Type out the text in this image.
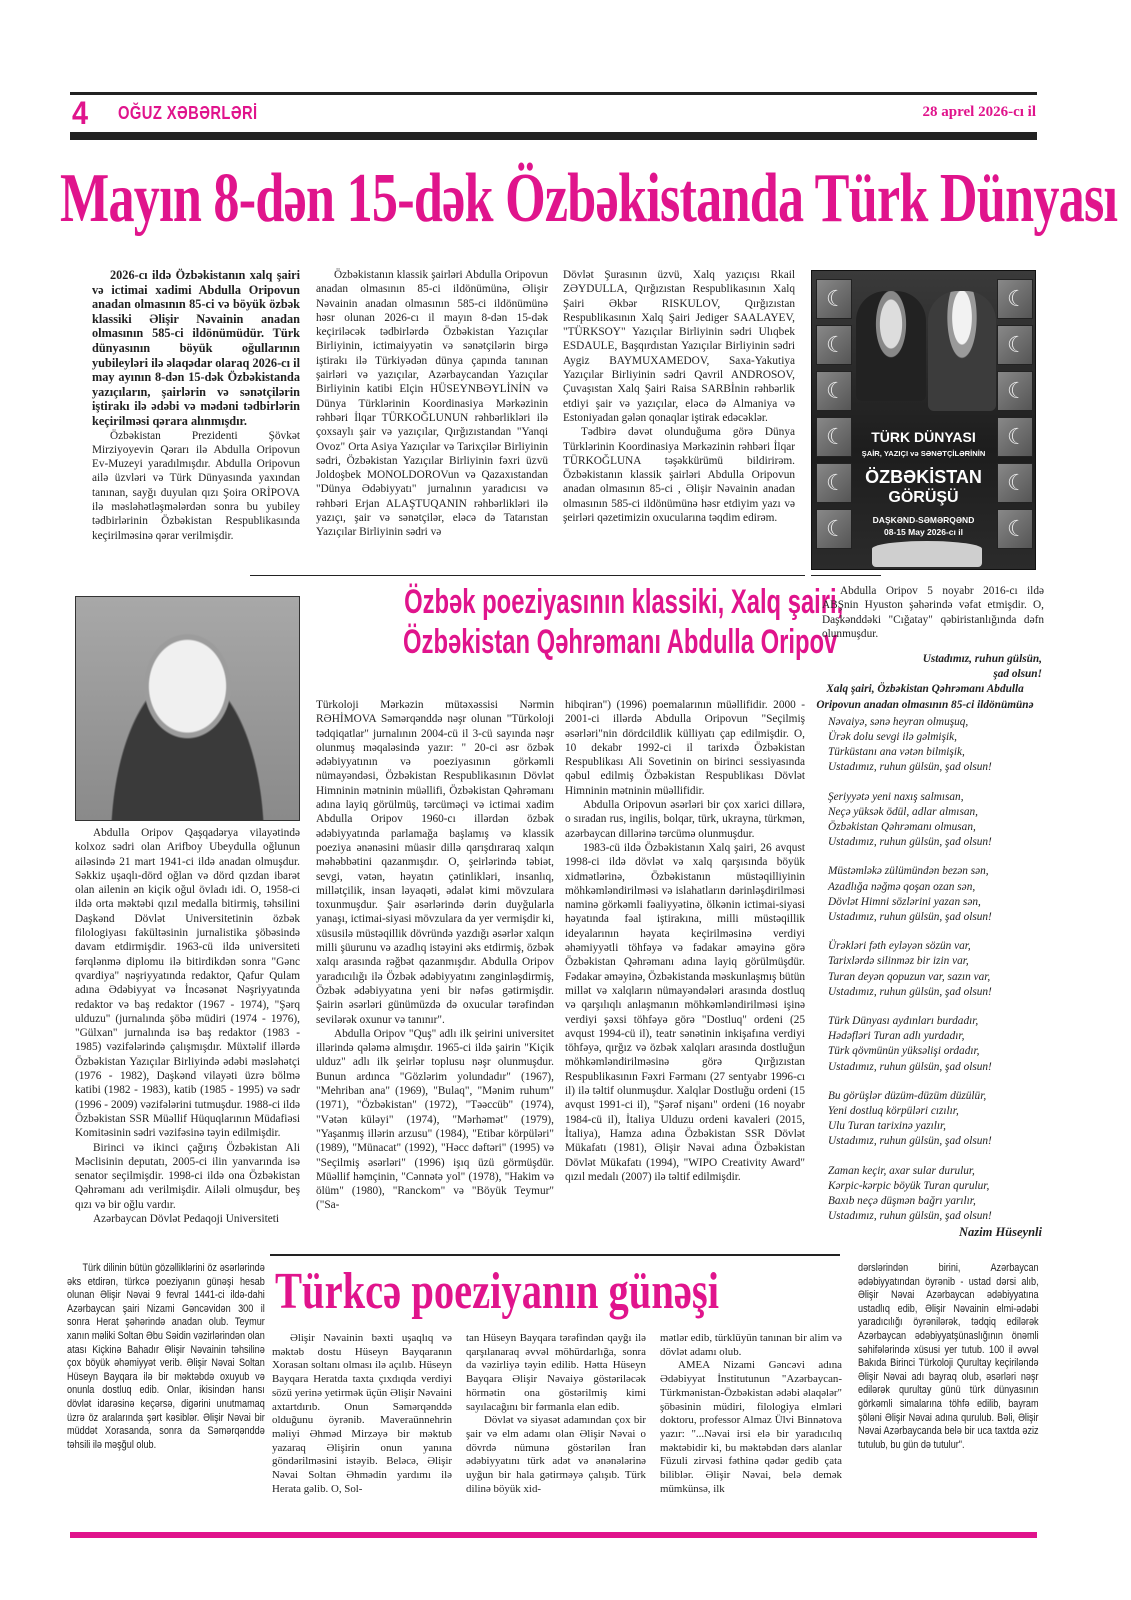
4 OĞUZ XƏBƏRLƏRİ	28 aprel 2026-cı il
Mayın 8-dən 15-dək Özbəkistanda Türk Dünyası

2026-cı ildə Özbəkistanın xalq şairi və ictimai xadimi Abdulla Oripovun anadan olmasının 85-ci və böyük özbək klassiki Əlişir Nəvainin anadan olmasının 585-ci ildönümüdür. Türk dünyasının böyük oğullarının yubileyləri ilə əlaqədar olaraq 2026-cı il may ayının 8-dən 15-dək Özbəkistanda yazıçıların, şairlərin və sənətçilərin iştirakı ilə ədəbi və mədəni tədbirlərin keçirilməsi qərara alınmışdır.

Özbəkistan Prezidenti Şövkət Mirziyoyevin Qərarı ilə Abdulla Oripovun Ev-Muzeyi yaradılmışdır. Abdulla Oripovun ailə üzvləri və Türk Dünyasında yaxından tanınan, sayğı duyulan qızı Şoira ORİPOVA ilə məsləhətləşmələrdən sonra bu yubiley tədbirlərinin Özbəkistan Respublikasında keçirilməsinə qərar verilmişdir.

Özbəkistanın klassik şairləri Abdulla Oripovun anadan olmasının 85-ci ildönümünə, Əlişir Nəvainin anadan olmasının 585-ci ildönümünə həsr olunan 2026-cı il mayın 8-dən 15-dək keçiriləcək tədbirlərdə Özbəkistan Yazıçılar Birliyinin, ictimaiyyətin və sənətçilərin birgə iştirakı ilə Türkiyədən dünya çapında tanınan şairləri və yazıçılar, Azərbaycandan Yazıçılar Birliyinin katibi Elçin HÜSEYNBƏYLİNİN və Dünya Türklərinin Koordinasiya Mərkəzinin rəhbəri İlqar TÜRKOĞLUNUN rəhbərlikləri ilə çoxsaylı şair və yazıçılar, Qırğızıstandan "Yanqi Ovoz" Orta Asiya Yazıçılar və Tarixçilər Birliyinin sədri, Özbəkistan Yazıçılar Birliyinin fəxri üzvü Joldoşbek MONOLDOROVun və Qazaxıstandan "Dünya Ədəbiyyatı" jurnalının yaradıcısı və rəhbəri Erjan ALAŞTUQANIN rəhbərlikləri ilə yazıçı, şair və sənətçilər, eləcə də Tatarıstan Yazıçılar Birliyinin sədri və

Dövlət Şurasının üzvü, Xalq yazıçısı Rkail ZƏYDULLA, Qırğızıstan Respublikasının Xalq Şairi Əkbər RISKULOV, Qırğızıstan Respublikasının Xalq Şairi Jediger SAALAYEV, "TÜRKSOY" Yazıçılar Birliyinin sədri Ulıqbek ESDAULE, Başqırdıstan Yazıçılar Birliyinin sədri Aygiz BAYMUXAMEDOV, Saxa-Yakutiya Yazıçılar Birliyinin sədri Qavril ANDROSOV, Çuvaşıstan Xalq Şairi Raisa SARBİnin rəhbərlik etdiyi şair və yazıçılar, eləcə də Almaniya və Estoniyadan gələn qonaqlar iştirak edəcəklər.

Tədbirə dəvət olunduğuma görə Dünya Türklərinin Koordinasiya Mərkəzinin rəhbəri İlqar TÜRKOĞLUNA təşəkkürümü bildirirəm. Özbəkistanın klassik şairləri Abdulla Oripovun anadan olmasının 85-ci , Əlişir Nəvainin anadan olmasının 585-ci ildönümünə həsr etdiyim yazı və şeirləri qəzetimizin oxucularına təqdim edirəm.

☾
☾
☾
☾
☾
☾
☾
☾
☾
☾
☾
☾
TÜRK DÜNYASI
ŞAİR, YAZIÇI və SƏNƏTÇİLƏRİNİN
ÖZBƏKİSTAN
GÖRÜŞÜ
DAŞKƏND-SƏMƏRQƏND
08-15 May 2026-cı il
Özbək poeziyasının klassiki, Xalq şairi,
Özbəkistan Qəhrəmanı Abdulla Oripov

Abdulla Oripov Qaşqadərya vilayətində kolxoz sədri olan Arifboy Ubeydulla oğlunun ailəsində 21 mart 1941-ci ildə anadan olmuşdur. Səkkiz uşaqlı-dörd oğlan və dörd qızdan ibarət olan ailenin ən kiçik oğul övladı idi. O, 1958-ci ildə orta məktəbi qızıl medalla bitirmiş, təhsilini Daşkənd Dövlət Universitetinin özbək filologiyası fakültəsinin jurnalistika şöbəsində davam etdirmişdir. 1963-cü ildə universiteti fərqlənmə diplomu ilə bitirdikdən sonra "Gənc qvardiya" nəşriyyatında redaktor, Qafur Qulam adına Ədəbiyyat və İncəsənət Nəşriyyatında redaktor və baş redaktor (1967 - 1974), "Şərq ulduzu" (jurnalında şöbə müdiri (1974 - 1976), "Gülxan" jurnalında isə baş redaktor (1983 - 1985) vəzifələrində çalışmışdır. Müxtəlif illərdə Özbəkistan Yazıçılar Birliyində ədəbi məsləhətçi (1976 - 1982), Daşkənd vilayəti üzrə bölmə katibi (1982 - 1983), katib (1985 - 1995) və sədr (1996 - 2009) vəzifələrini tutmuşdur. 1988-ci ildə Özbəkistan SSR Müəllif Hüquqlarının Müdafiəsi Komitəsinin sədri vəzifəsinə təyin edilmişdir.

Birinci və ikinci çağırış Özbəkistan Ali Məclisinin deputatı, 2005-ci ilin yanvarında isə senator seçilmişdir. 1998-ci ildə ona Özbəkistan Qəhrəmanı adı verilmişdir. Ailəli olmuşdur, beş qızı və bir oğlu vardır.

Azərbaycan Dövlət Pedaqoji Universiteti

Türkoloji Mərkəzin mütəxəssisi Nərmin RƏHİMOVA Səmərqənddə nəşr olunan "Türkoloji tədqiqatlar" jurnalının 2004-cü il 3-cü sayında nəşr olunmuş məqaləsində yazır: " 20-ci əsr özbək ədəbiyyatının və poeziyasının görkəmli nümayəndəsi, Özbəkistan Respublikasının Dövlət Himninin mətninin müəllifi, Özbəkistan Qəhrəmanı adına layiq görülmüş, tərcüməçi və ictimai xadim Abdulla Oripov 1960-cı illərdən özbək ədəbiyyatında parlamağa başlamış və klassik poeziya ənənəsini müasir dillə qarışdıraraq xalqın məhəbbətini qazanmışdır. O, şeirlərində təbiət, sevgi, vətən, həyatın çətinlikləri, insanlıq, millətçilik, insan ləyaqəti, ədalət kimi mövzulara toxunmuşdur. Şair əsərlərində dərin duyğularla yanaşı, ictimai-siyasi mövzulara da yer vermişdir ki, xüsusilə müstəqillik dövründə yazdığı əsərlər xalqın milli şüurunu və azadlıq istəyini əks etdirmiş, özbək xalqı arasında rəğbət qazanmışdır. Abdulla Oripov yaradıcılığı ilə Özbək ədəbiyyatını zənginləşdirmiş, Özbək ədəbiyyatına yeni bir nəfəs gətirmişdir. Şairin əsərləri günümüzdə də oxucular tərəfindən sevilərək oxunur və tanınır".

Abdulla Oripov "Quş" adlı ilk şeirini universitet illərində qələmə almışdır. 1965-ci ildə şairin "Kiçik ulduz" adlı ilk şeirlər toplusu nəşr olunmuşdur. Bunun ardınca "Gözlərim yolundadır" (1967), "Mehriban ana" (1969), "Bulaq", "Mənim ruhum" (1971), "Özbəkistan" (1972), "Təəccüb" (1974), "Vətən küləyi" (1974), "Mərhəmət" (1979), "Yaşanmış illərin arzusu" (1984), "Etibar körpüləri" (1989), "Münacat" (1992), "Həcc dəftəri" (1995) və "Seçilmiş əsərləri" (1996) işıq üzü görmüşdür. Müəllif həmçinin, "Cənnətə yol" (1978), "Hakim və ölüm" (1980), "Ranckom" və "Böyük Teymur" ("Sa-

hibqiran") (1996) poemalarının müəllifidir. 2000 - 2001-ci illərdə Abdulla Oripovun "Seçilmiş əsərləri"nin dördcildlik külliyatı çap edilmişdir. O, 10 dekabr 1992-ci il tarixdə Özbəkistan Respublikası Ali Sovetinin on birinci sessiyasında qəbul edilmiş Özbəkistan Respublikası Dövlət Himninin mətninin müəllifidir.

Abdulla Oripovun əsərləri bir çox xarici dillərə, o sıradan rus, ingilis, bolqar, türk, ukrayna, türkmən, azərbaycan dillərinə tərcümə olunmuşdur.

1983-cü ildə Özbəkistanın Xalq şairi, 26 avqust 1998-ci ildə dövlət və xalq qarşısında böyük xidmətlərinə, Özbəkistanın müstəqilliyinin möhkəmləndirilməsi və islahatların dərinləşdirilməsi naminə görkəmli fəaliyyətinə, ölkənin ictimai-siyasi həyatında fəal iştirakına, milli müstəqillik ideyalarının həyata keçirilməsinə verdiyi əhəmiyyətli töhfəyə və fədakar əməyinə görə Özbəkistan Qəhrəmanı adına layiq görülmüşdür. Fədakar əməyinə, Özbəkistanda məskunlaşmış bütün millət və xalqların nümayəndələri arasında dostluq və qarşılıqlı anlaşmanın möhkəmləndirilməsi işinə verdiyi şəxsi töhfəyə görə "Dostluq" ordeni (25 avqust 1994-cü il), teatr sənətinin inkişafına verdiyi töhfəyə, qırğız və özbək xalqları arasında dostluğun möhkəmləndirilməsinə görə Qırğızıstan Respublikasının Fəxri Fərmanı (27 sentyabr 1996-cı il) ilə təltif olunmuşdur. Xalqlar Dostluğu ordeni (15 avqust 1991-ci il), "Şərəf nişanı" ordeni (16 noyabr 1984-cü il), İtaliya Ulduzu ordeni kavaleri (2015, İtaliya), Hamza adına Özbəkistan SSR Dövlət Mükafatı (1981), Əlişir Nəvai adına Özbəkistan Dövlət Mükafatı (1994), "WIPO Creativity Award" qızıl medalı (2007) ilə təltif edilmişdir.

Abdulla Oripov 5 noyabr 2016-cı ildə ABŞnin Hyuston şəhərində vəfat etmişdir. O, Daşkənddəki "Cığatay" qəbiristanlığında dəfn olunmuşdur.

Ustadımız, ruhun gülsün,
şad olsun!
Xalq şairi, Özbəkistan Qəhrəmanı Abdulla Oripovun anadan olmasının 85-ci ildönümünə
Nəvaiyə, sənə heyran olmuşuq,
Ürək dolu sevgi ilə gəlmişik,
Türküstanı ana vətən bilmişik,
Ustadımız, ruhun gülsün, şad olsun!
Şeriyyətə yeni naxış salmısan,
Neçə yüksək ödül, adlar almısan,
Özbəkistan Qəhrəmanı olmusan,
Ustadımız, ruhun gülsün, şad olsun!
Müstəmləkə zülümündən bezən sən,
Azadlığa nəğmə qoşan ozan sən,
Dövlət Himni sözlərini yazan sən,
Ustadımız, ruhun gülsün, şad olsun!
Ürəkləri fəth eyləyən sözün var,
Tarixlərdə silinməz bir izin var,
Turan deyən qopuzun var, sazın var,
Ustadımız, ruhun gülsün, şad olsun!
Türk Dünyası aydınları burdadır,
Hədəfləri Turan adlı yurdadır,
Türk qövmünün yüksəlişi ordadır,
Ustadımız, ruhun gülsün, şad olsun!
Bu görüşlər düzüm-düzüm düzülür,
Yeni dostluq körpüləri cızılır,
Ulu Turan tarixinə yazılır,
Ustadımız, ruhun gülsün, şad olsun!
Zaman keçir, axar sular durulur,
Kərpic-kərpic böyük Turan qurulur,
Baxıb neçə düşmən bağrı yarılır,
Ustadımız, ruhun gülsün, şad olsun!
Nazim Hüseynli
Türkcə poeziyanın günəşi

Türk dilinin bütün gözəlliklərini öz əsərlərində əks etdirən, türkcə poeziyanın günəşi hesab olunan Əlişir Nəvai 9 fevral 1441-ci ildə-dahi Azərbaycan şairi Nizami Gəncəvidən 300 il sonra Herat şəhərində anadan olub. Teymur xanın məliki Soltan Əbu Səidin vəzirlərindən olan atası Kiçkinə Bahadır Əlişir Nəvainin təhsilinə çox böyük əhəmiyyət verib. Əlişir Nəvai Soltan Hüseyn Bayqara ilə bir məktəbdə oxuyub və onunla dostluq edib. Onlar, ikisindən hansı dövlət idarəsinə keçərsə, digərini unutmamaq üzrə öz aralarında şərt kəsiblər. Əlişir Nəvai bir müddət Xorasanda, sonra da Səmərqənddə təhsili ilə məşğul olub.

Əlişir Nəvainin bəxti uşaqlıq və məktəb dostu Hüseyn Bayqaranın Xorasan soltanı olması ilə açılıb. Hüseyn Bayqara Heratda taxta çıxdıqda verdiyi sözü yerinə yetirmək üçün Əlişir Nəvaini axtartdırıb. Onun Səmərqənddə olduğunu öyrənib. Maveraünnehrin məliyi Əhməd Mirzəyə bir məktub yazaraq Əlişirin onun yanına göndərilməsini istəyib. Beləcə, Əlişir Nəvai Soltan Əhmədin yardımı ilə Herata gəlib. O, Sol-

tan Hüseyn Bayqara tərəfindən qayğı ilə qarşılanaraq əvvəl möhürdarlığa, sonra da vəzirliyə təyin edilib. Hətta Hüseyn Bayqara Əlişir Nəvaiyə göstəriləcək hörmətin ona göstərilmiş kimi sayılacağını bir fərmanla elan edib.

Dövlət və siyasət adamından çox bir şair və elm adamı olan Əlişir Nəvai o dövrdə nümunə göstərilən İran ədəbiyyatını türk adət və ənənələrinə uyğun bir hala gətirməyə çalışıb. Türk dilinə böyük xid-

mətlər edib, türklüyün tanınan bir alim və dövlət adamı olub.

AMEA Nizami Gəncəvi adına Ədəbiyyat İnstitutunun "Azərbaycan-Türkmənistan-Özbəkistan ədəbi əlaqələr" şöbəsinin müdiri, filologiya elmləri doktoru, professor Almaz Ülvi Binnətova yazır: "...Nəvai irsi elə bir yaradıcılıq məktəbidir ki, bu məktəbdən dərs alanlar Füzuli zirvəsi fəthinə qədər gedib çata biliblər. Əlişir Nəvai, belə demək mümkünsə, ilk

dərslərindən birini, Azərbaycan ədəbiyyatından öyrənib - ustad dərsi alıb, Əlişir Nəvai Azərbaycan ədəbiyyatına ustadlıq edib, Əlişir Nəvainin elmi-ədəbi yaradıcılığı öyrənilərək, tədqiq edilərək Azərbaycan ədəbiyyatşünaslığının önəmli səhifələrində xüsusi yer tutub. 100 il əvvəl Bakıda Birinci Türkoloji Qurultay keçiriləndə Əlişir Nəvai adı bayraq olub, əsərləri nəşr edilərək qurultay günü türk dünyasının görkəmli simalarına töhfə edilib, bayram şöləni Əlişir Nəvai adına qurulub. Bəli, Əlişir Nəvai Azərbaycanda belə bir uca taxtda əziz tutulub, bu gün də tutulur".
